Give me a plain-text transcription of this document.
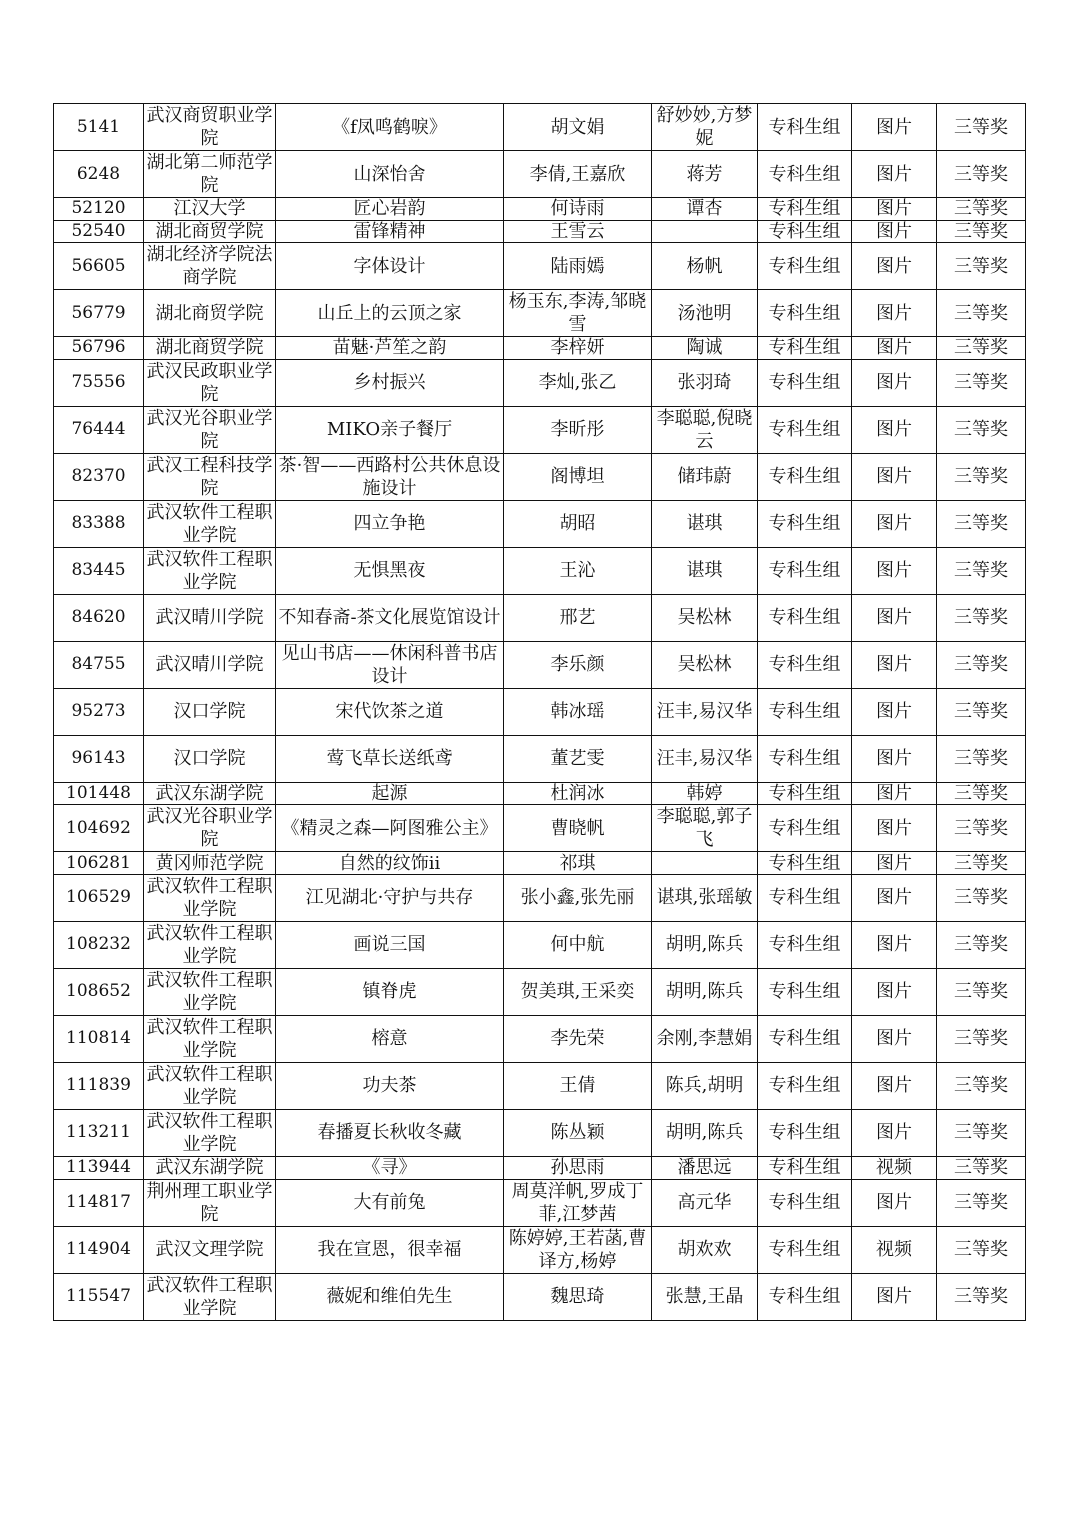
5141	武汉商贸职业学院	《f凤鸣鹤唳》	胡文娟	舒妙妙,方梦妮	专科生组	图片	三等奖
6248	湖北第二师范学院	山深怡舍	李倩,王嘉欣	蒋芳	专科生组	图片	三等奖
52120	江汉大学	匠心岩韵	何诗雨	谭杏	专科生组	图片	三等奖
52540	湖北商贸学院	雷锋精神	王雪云		专科生组	图片	三等奖
56605	湖北经济学院法商学院	字体设计	陆雨嫣	杨帆	专科生组	图片	三等奖
56779	湖北商贸学院	山丘上的云顶之家	杨玉东,李涛,邹晓雪	汤池明	专科生组	图片	三等奖
56796	湖北商贸学院	苗魅·芦笙之韵	李梓妍	陶诚	专科生组	图片	三等奖
75556	武汉民政职业学院	乡村振兴	李灿,张乙	张羽琦	专科生组	图片	三等奖
76444	武汉光谷职业学院	MIKO亲子餐厅	李昕彤	李聪聪,倪晓云	专科生组	图片	三等奖
82370	武汉工程科技学院	茶·智——西路村公共休息设施设计	阁博坦	储玮蔚	专科生组	图片	三等奖
83388	武汉软件工程职业学院	四立争艳	胡昭	谌琪	专科生组	图片	三等奖
83445	武汉软件工程职业学院	无惧黑夜	王沁	谌琪	专科生组	图片	三等奖
84620	武汉晴川学院	不知春斋-茶文化展览馆设计	邢艺	吴松林	专科生组	图片	三等奖
84755	武汉晴川学院	见山书店——休闲科普书店设计	李乐颜	吴松林	专科生组	图片	三等奖
95273	汉口学院	宋代饮茶之道	韩冰瑶	汪丰,易汉华	专科生组	图片	三等奖
96143	汉口学院	莺飞草长送纸鸢	董艺雯	汪丰,易汉华	专科生组	图片	三等奖
101448	武汉东湖学院	起源	杜润冰	韩婷	专科生组	图片	三等奖
104692	武汉光谷职业学院	《精灵之森—阿图雅公主》	曹晓帆	李聪聪,郭子飞	专科生组	图片	三等奖
106281	黄冈师范学院	自然的纹饰ii	祁琪		专科生组	图片	三等奖
106529	武汉软件工程职业学院	江见湖北·守护与共存	张小鑫,张先丽	谌琪,张瑶敏	专科生组	图片	三等奖
108232	武汉软件工程职业学院	画说三国	何中航	胡明,陈兵	专科生组	图片	三等奖
108652	武汉软件工程职业学院	镇脊虎	贺美琪,王采奕	胡明,陈兵	专科生组	图片	三等奖
110814	武汉软件工程职业学院	榕意	李先荣	余刚,李慧娟	专科生组	图片	三等奖
111839	武汉软件工程职业学院	功夫茶	王倩	陈兵,胡明	专科生组	图片	三等奖
113211	武汉软件工程职业学院	春播夏长秋收冬藏	陈丛颖	胡明,陈兵	专科生组	图片	三等奖
113944	武汉东湖学院	《寻》	孙思雨	潘思远	专科生组	视频	三等奖
114817	荆州理工职业学院	大有前兔	周莫洋帆,罗成丁菲,江梦茜	高元华	专科生组	图片	三等奖
114904	武汉文理学院	我在宣恩，很幸福	陈婷婷,王若菡,曹译方,杨婷	胡欢欢	专科生组	视频	三等奖
115547	武汉软件工程职业学院	薇妮和维伯先生	魏思琦	张慧,王晶	专科生组	图片	三等奖
